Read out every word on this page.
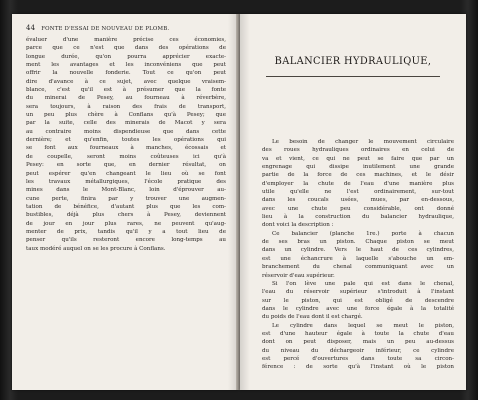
44 FONTE D'ESSAI DE NOUVEAU DE PLOMB.
évaluer d'une manière précise ces économies,
parce que ce n'est que dans des opérations de
longue durée, qu'on pourra apprécier exacte-
ment les avantages et les inconvéniens que peut
offrir la nouvelle fonderie. Tout ce qu'on peut
dire d'avance à ce sujet, avec quelque vraisem-
blance, c'est qu'il est à présumer que la fonte
du minerai de Pesey, au fourneau à réverbère,
sera toujours, à raison des frais de transport,
un peu plus chère à Conflans qu'à Pesey; que
par la suite, celle des minerais de Macot y sera
au contraire moins dispendieuse que dans cette
dernière; et qu'enfin, toutes les opérations qui
se font aux fourneaux à manches, écossais et
de coupelle, seront moins coûteuses ici qu'à
Pesey: en sorte que, en dernier résultat, on
peut espérer qu'en changeant le lieu où se font
les travaux métallurgiques, l'école pratique des
mines dans le Mont-Blanc, loin d'éprouver au-
cune perte, finira par y trouver une augmen-
tation de bénéfice, d'autant plus que les com-
bustibles, déjà plus chers à Pesey, deviennent
de jour en jour plus rares, ne peuvent qu'aug-
menter de prix, tandis qu'il y a tout lieu de
penser qu'ils resteront encore long-temps au
taux modéré auquel on se les procure à Conflans.
BALANCIER HYDRAULIQUE,
Le besoin de changer le mouvement circulaire
des roues hydrauliques ordinaires en celui de
va et vient, ce qui ne peut se faire que par un
engrenage qui dissipe inutilement une grande
partie de la force de ces machines, et le désir
d'employer la chute de l'eau d'une manière plus
utile qu'elle ne l'est ordinairement, sur-tout
dans les coucals usées, mues, par en-dessous,
avec une chute peu considérable, ont donné
lieu à la construction du balancier hydraulique,
dont voici la description :
Ce balancier (planche 1re.) porte à chacun
de ses bras un piston. Chaque piston se meut
dans un cylindre. Vers le haut de ces cylindres,
est une échancrure à laquelle s'abouche un em-
branchement du chenal communiquant avec un
réservoir d'eau supérieur.
Si l'on lève une pale qui est dans le chenal,
l'eau du réservoir supérieur s'introduit à l'instant
sur le piston, qui est obligé de descendre
dans le cylindre avec une force égale à la totalité
du poids de l'eau dont il est chargé.
Le cylindre dans lequel se meut le piston,
est d'une hauteur égale à toute la chute d'eau
dont on peut disposer, mais un peu au-dessus
du niveau du déchargeoir inférieur, ce cylindre
est percé d'ouvertures dans toute sa circon-
férence : de sorte qu'à l'instant où le piston
